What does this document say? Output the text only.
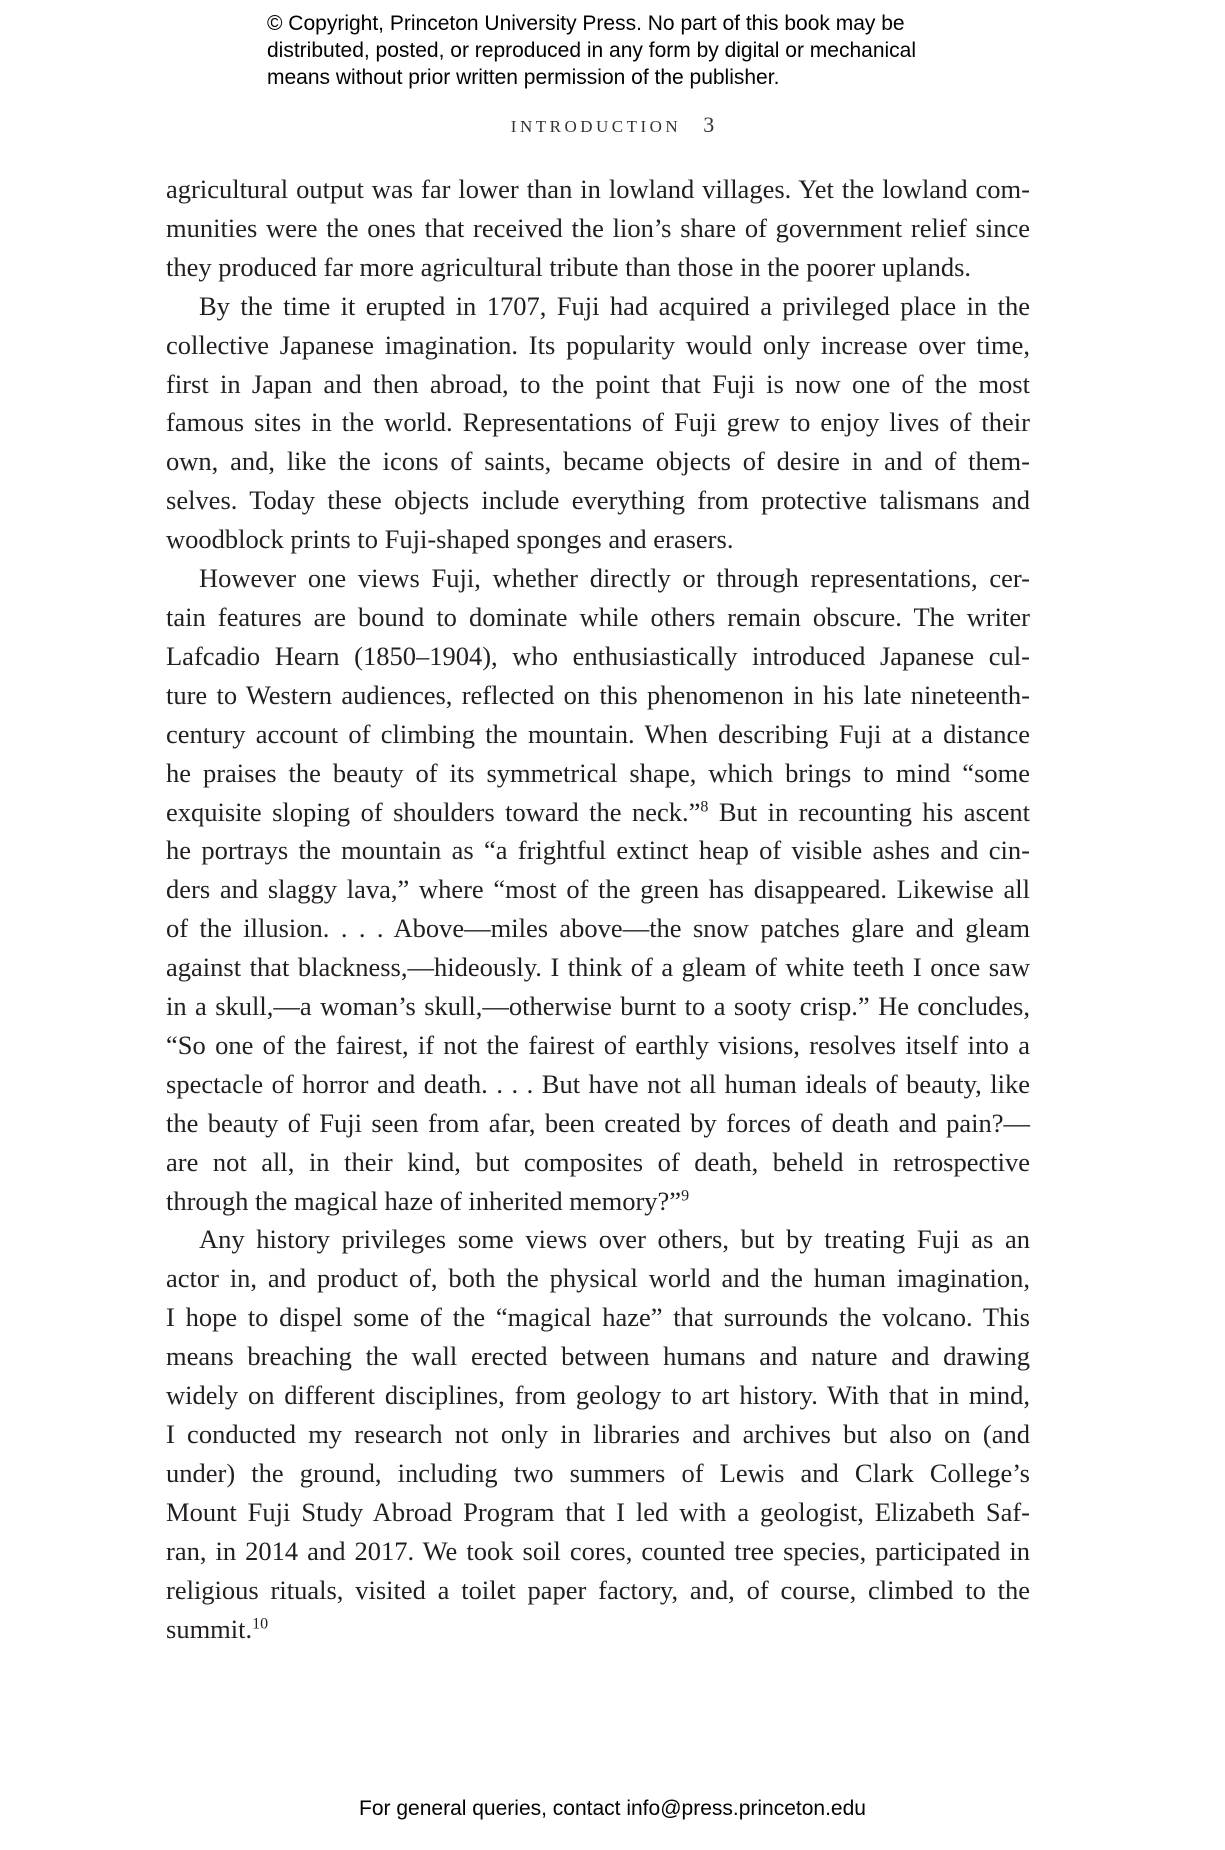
© Copyright, Princeton University Press. No part of this book may be
distributed, posted, or reproduced in any form by digital or mechanical
means without prior written permission of the publisher.
INTRODUCTION 3

agricultural output was far lower than in lowland villages. Yet the lowland com-
munities were the ones that received the lion’s share of government relief since
they produced far more agricultural tribute than those in the poorer uplands.

By the time it erupted in 1707, Fuji had acquired a privileged place in the
collective Japanese imagination. Its popularity would only increase over time,
first in Japan and then abroad, to the point that Fuji is now one of the most
famous sites in the world. Representations of Fuji grew to enjoy lives of their
own, and, like the icons of saints, became objects of desire in and of them-
selves. Today these objects include everything from protective talismans and
woodblock prints to Fuji-shaped sponges and erasers.

However one views Fuji, whether directly or through representations, cer-
tain features are bound to dominate while others remain obscure. The writer
Lafcadio Hearn (1850–1904), who enthusiastically introduced Japanese cul-
ture to Western audiences, reflected on this phenomenon in his late nineteenth-
century account of climbing the mountain. When describing Fuji at a distance
he praises the beauty of its symmetrical shape, which brings to mind “some
exquisite sloping of shoulders toward the neck.”$^8$ But in recounting his ascent
he portrays the mountain as “a frightful extinct heap of visible ashes and cin-
ders and slaggy lava,” where “most of the green has disappeared. Likewise all
of the illusion. . . . Above—miles above—the snow patches glare and gleam
against that blackness,—hideously. I think of a gleam of white teeth I once saw
in a skull,—a woman’s skull,—otherwise burnt to a sooty crisp.” He concludes,
“So one of the fairest, if not the fairest of earthly visions, resolves itself into a
spectacle of horror and death. . . . But have not all human ideals of beauty, like
the beauty of Fuji seen from afar, been created by forces of death and pain?—
are not all, in their kind, but composites of death, beheld in retrospective
through the magical haze of inherited memory?”$^9$

Any history privileges some views over others, but by treating Fuji as an
actor in, and product of, both the physical world and the human imagination,
I hope to dispel some of the “magical haze” that surrounds the volcano. This
means breaching the wall erected between humans and nature and drawing
widely on different disciplines, from geology to art history. With that in mind,
I conducted my research not only in libraries and archives but also on (and
under) the ground, including two summers of Lewis and Clark College’s
Mount Fuji Study Abroad Program that I led with a geologist, Elizabeth Saf-
ran, in 2014 and 2017. We took soil cores, counted tree species, participated in
religious rituals, visited a toilet paper factory, and, of course, climbed to the
summit.$^{10}$

For general queries, contact info@press.princeton.edu
